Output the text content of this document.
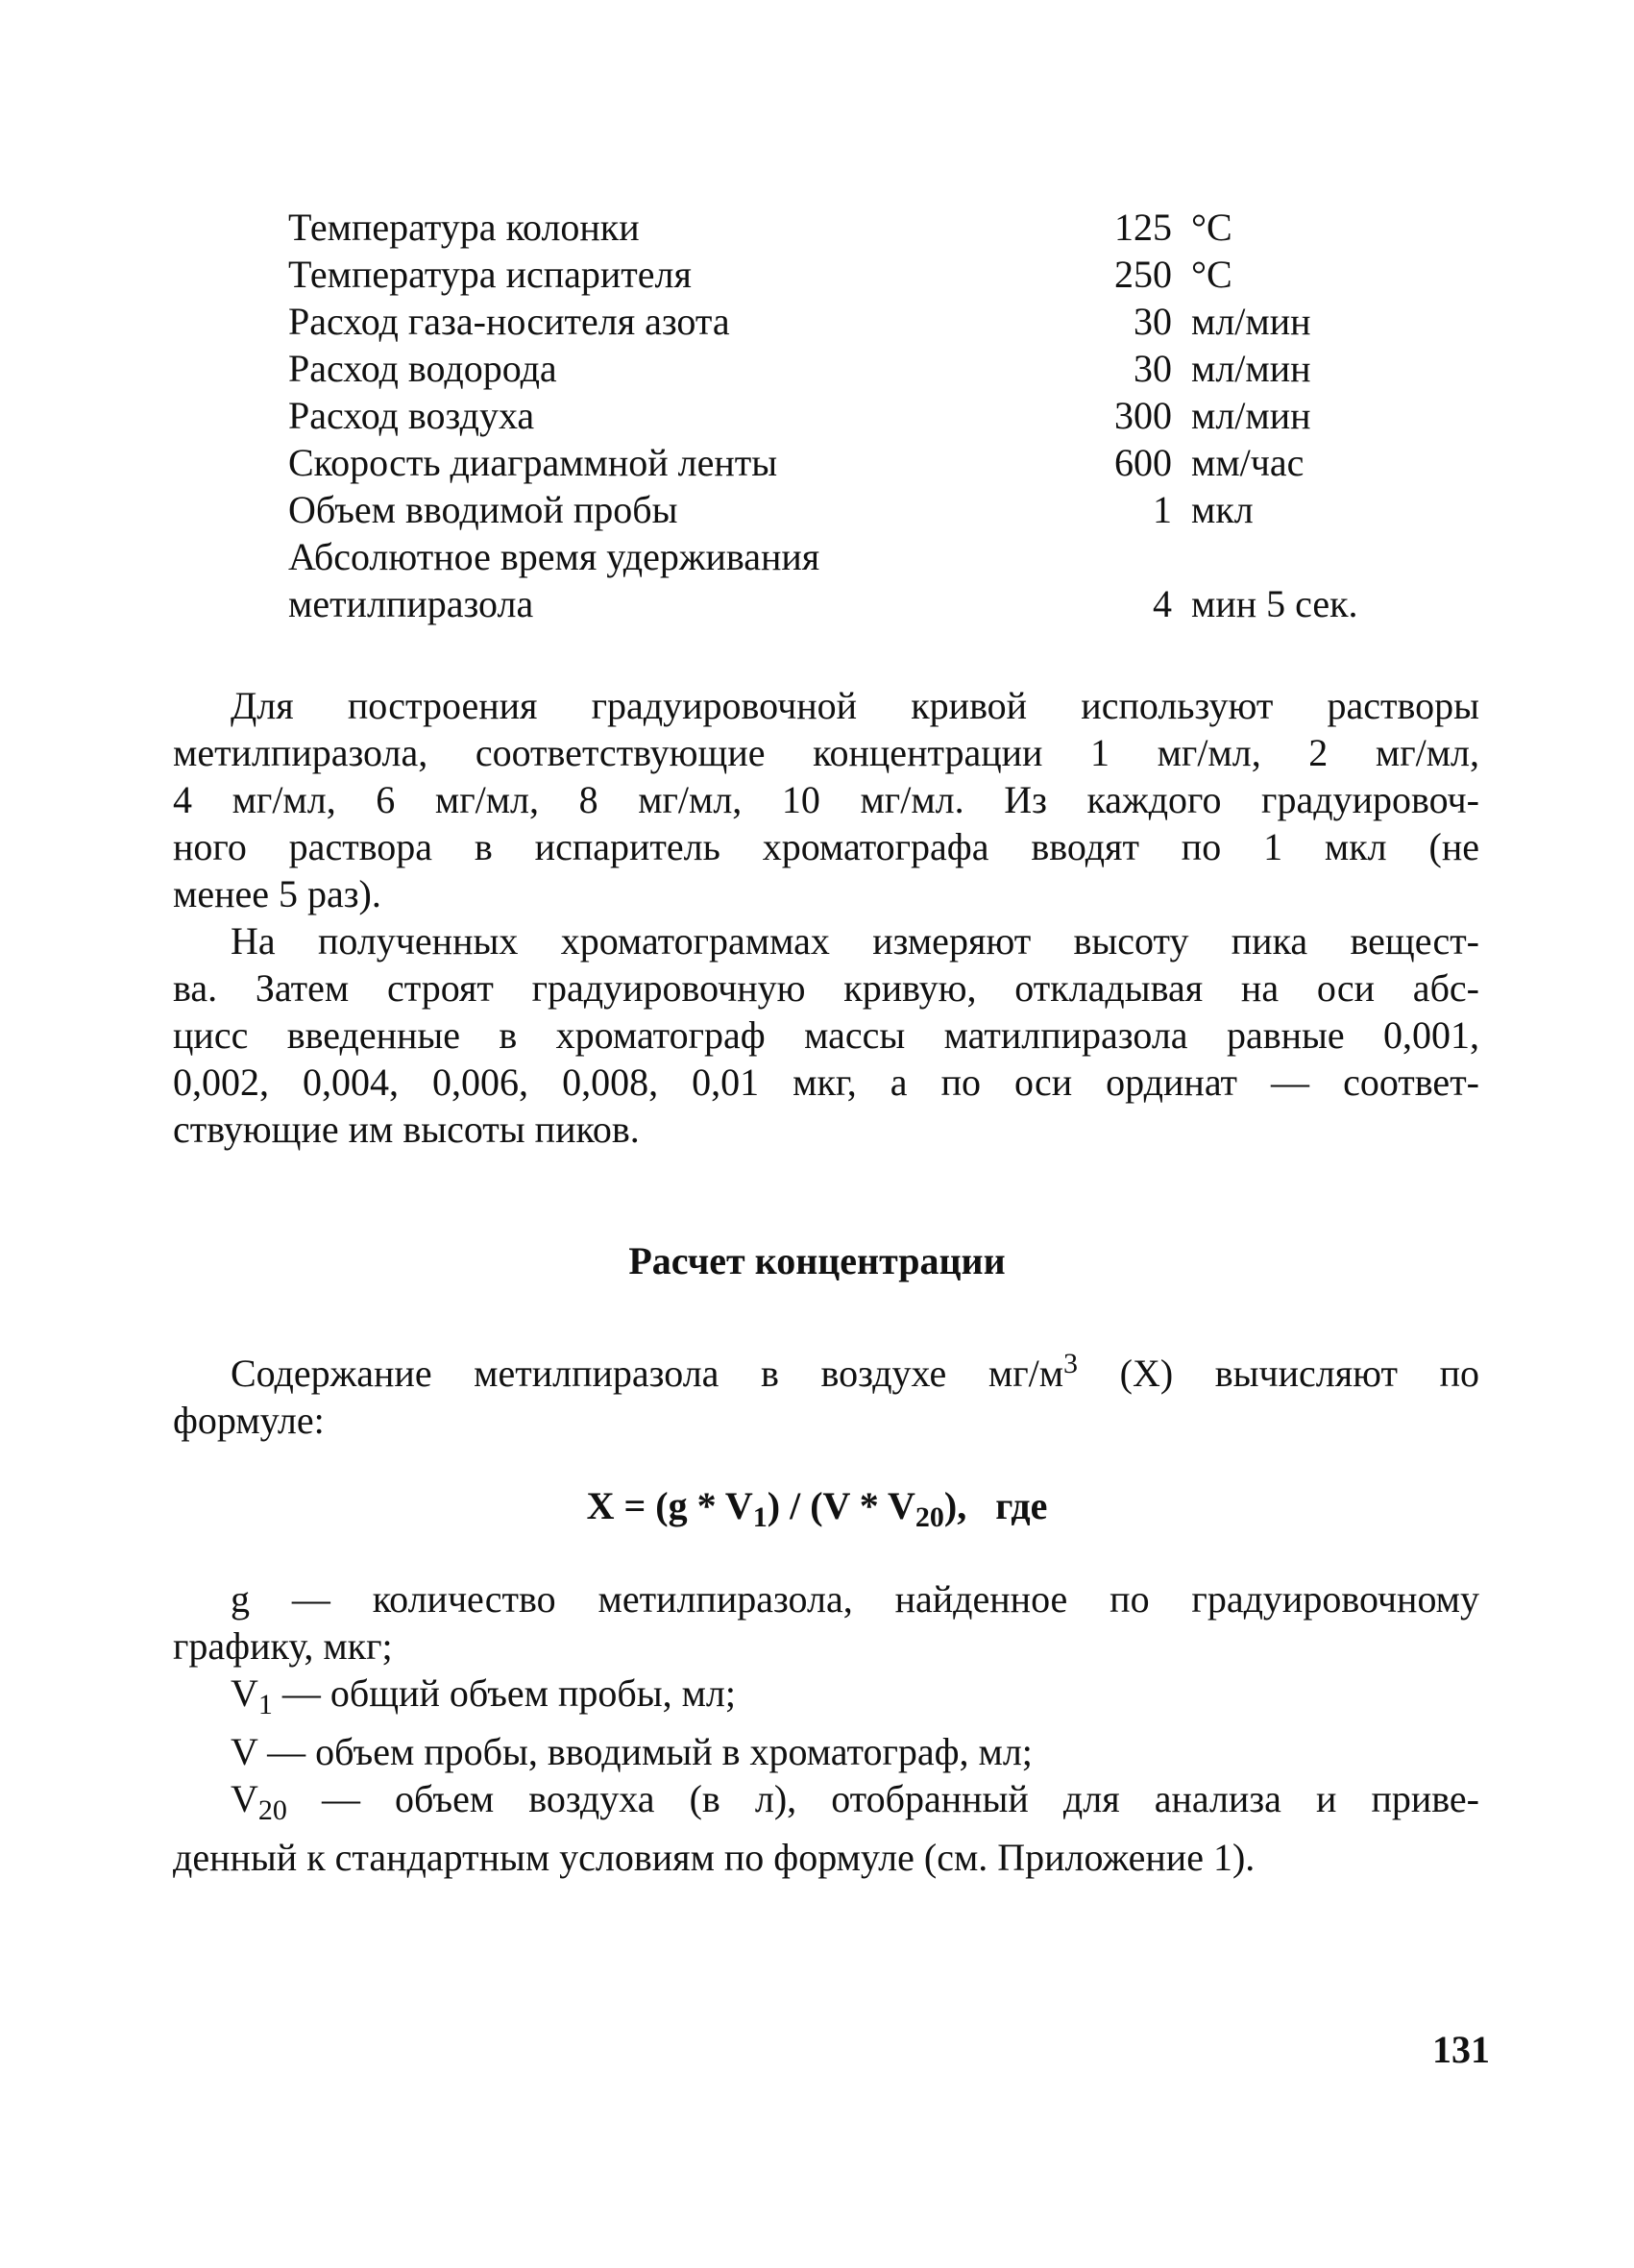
Температура колонки	125 °C
Температура испарителя	250 °C
Расход газа-носителя азота	30 мл/мин
Расход водорода	30 мл/мин
Расход воздуха	300 мл/мин
Скорость диаграммной ленты	600 мм/час
Объем вводимой пробы	1 мкл
Абсолютное время удерживания
метилпиразола	4 мин 5 сек.
Для построения градуировочной кривой используют растворы
метилпиразола, соответствующие концентрации 1 мг/мл, 2 мг/мл,
4 мг/мл, 6 мг/мл, 8 мг/мл, 10 мг/мл. Из каждого градуировоч-
ного раствора в испаритель хроматографа вводят по 1 мкл (не
менее 5 раз).
На полученных хроматограммах измеряют высоту пика вещест-
ва. Затем строят градуировочную кривую, откладывая на оси абс-
цисс введенные в хроматограф массы матилпиразола равные 0,001,
0,002, 0,004, 0,006, 0,008, 0,01 мкг, а по оси ординат — соответ-
ствующие им высоты пиков.
Расчет концентрации
Содержание метилпиразола в воздухе $мг/м^3$ (X) вычисляют по
формуле:
$X = (g * V_1) / (V * V_{20})$,   где
g — количество метилпиразола, найденное по градуировочному
графику, мкг;
$V_1$ — общий объем пробы, мл;
V — объем пробы, вводимый в хроматограф, мл;
$V_{20}$ — объем воздуха (в л), отобранный для анализа и приве-
денный к стандартным условиям по формуле (см. Приложение 1).
131
